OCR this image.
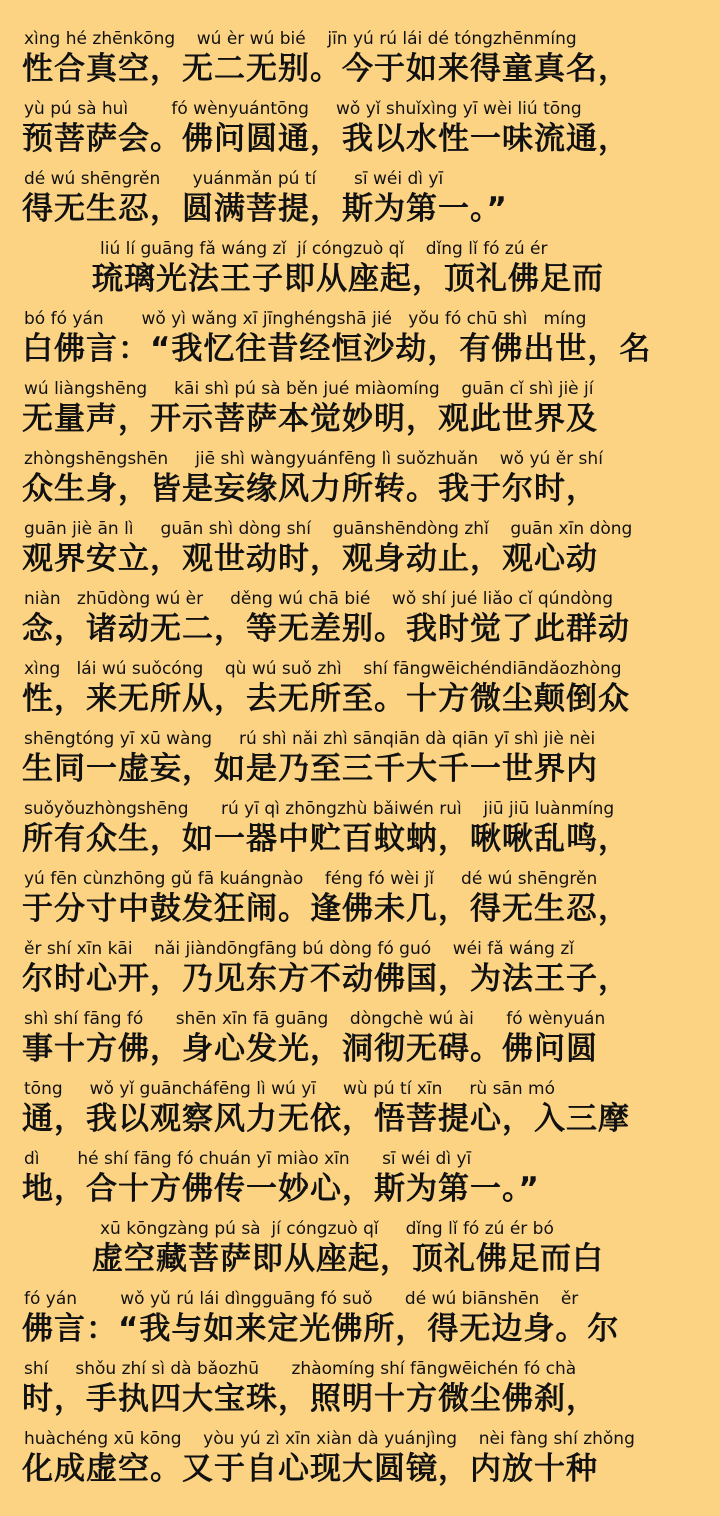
xìng hé zhēnkōng    wú èr wú bié    jīn yú rú lái dé tóngzhēnmíng
性合真空，无二无别。今于如来得童真名，
yù pú sà huì        fó wènyuántōng     wǒ yǐ shuǐxìng yī wèi liú tōng
预菩萨会。佛问圆通，我以水性一味流通，
dé wú shēngrěn      yuánmǎn pú tí       sī wéi dì yī
得无生忍，圆满菩提，斯为第一。”
liú lí guāng fǎ wáng zǐ  jí cóngzuò qǐ    dǐng lǐ fó zú ér
琉璃光法王子即从座起，顶礼佛足而
bó fó yán       wǒ yì wǎng xī jīnghéngshā jié   yǒu fó chū shì   míng
白佛言：“我忆往昔经恒沙劫，有佛出世，名
wú liàngshēng     kāi shì pú sà běn jué miàomíng    guān cǐ shì jiè jí
无量声，开示菩萨本觉妙明，观此世界及
zhòngshēngshēn     jiē shì wàngyuánfēng lì suǒzhuǎn    wǒ yú ěr shí
众生身，皆是妄缘风力所转。我于尔时，
guān jiè ān lì     guān shì dòng shí    guānshēndòng zhǐ    guān xīn dòng
观界安立，观世动时，观身动止，观心动
niàn   zhūdòng wú èr     děng wú chā bié    wǒ shí jué liǎo cǐ qúndòng
念，诸动无二，等无差别。我时觉了此群动
xìng   lái wú suǒcóng    qù wú suǒ zhì    shí fāngwēichéndiāndǎozhòng
性，来无所从，去无所至。十方微尘颠倒众
shēngtóng yī xū wàng     rú shì nǎi zhì sānqiān dà qiān yī shì jiè nèi
生同一虚妄，如是乃至三千大千一世界内
suǒyǒuzhòngshēng      rú yī qì zhōngzhù bǎiwén ruì    jiū jiū luànmíng
所有众生，如一器中贮百蚊蚋，啾啾乱鸣，
yú fēn cùnzhōng gǔ fā kuángnào    féng fó wèi jǐ     dé wú shēngrěn
于分寸中鼓发狂闹。逢佛未几，得无生忍，
ěr shí xīn kāi    nǎi jiàndōngfāng bú dòng fó guó    wéi fǎ wáng zǐ
尔时心开，乃见东方不动佛国，为法王子，
shì shí fāng fó      shēn xīn fā guāng    dòngchè wú ài      fó wènyuán
事十方佛，身心发光，洞彻无碍。佛问圆
tōng     wǒ yǐ guāncháfēng lì wú yī     wù pú tí xīn     rù sān mó
通，我以观察风力无依，悟菩提心，入三摩
dì       hé shí fāng fó chuán yī miào xīn      sī wéi dì yī
地，合十方佛传一妙心，斯为第一。”
xū kōngzàng pú sà  jí cóngzuò qǐ     dǐng lǐ fó zú ér bó
虚空藏菩萨即从座起，顶礼佛足而白
fó yán        wǒ yǔ rú lái dìngguāng fó suǒ      dé wú biānshēn    ěr
佛言：“我与如来定光佛所，得无边身。尔
shí     shǒu zhí sì dà bǎozhū      zhàomíng shí fāngwēichén fó chà
时，手执四大宝珠，照明十方微尘佛刹，
huàchéng xū kōng    yòu yú zì xīn xiàn dà yuánjìng    nèi fàng shí zhǒng
化成虚空。又于自心现大圆镜，内放十种
